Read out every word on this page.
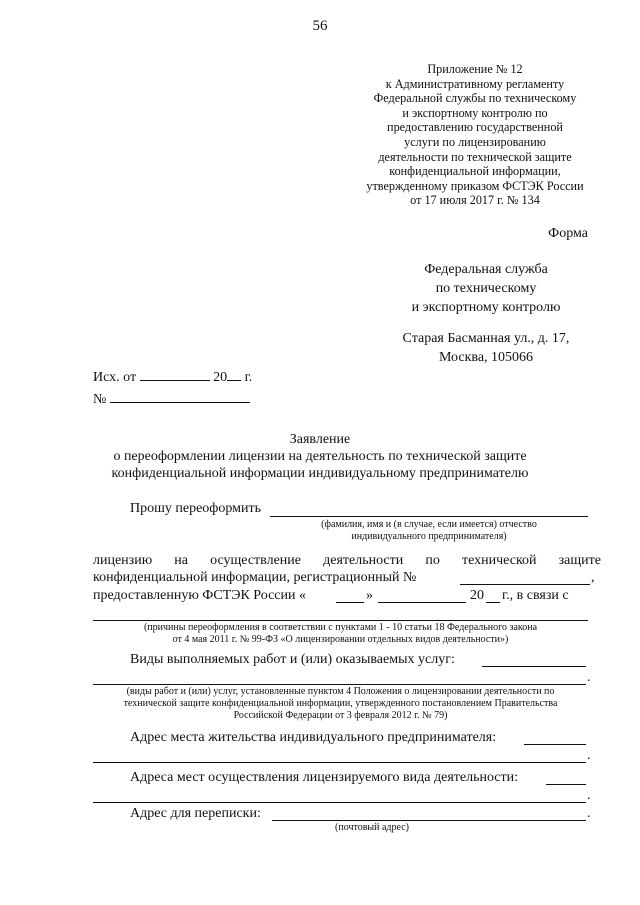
56
Приложение № 12
к Административному регламенту
Федеральной службы по техническому
и экспортному контролю по
предоставлению государственной
услуги по лицензированию
деятельности по технической защите
конфиденциальной информации,
утвержденному приказом ФСТЭК России
от 17 июля 2017 г. № 134
Форма
Федеральная служба
по техническому
и экспортному контролю
Старая Басманная ул., д. 17,
Москва, 105066
Исх. от	20 г.
№
Заявление
о переоформлении лицензии на деятельность по технической защите
конфиденциальной информации индивидуальному предпринимателю
Прошу переоформить
(фамилия, имя и (в случае, если имеется) отчество
индивидуального предпринимателя)
лицензию на осуществление деятельности по технической защите
конфиденциальной информации, регистрационный №	,
предоставленную ФСТЭК России «	»	20 г., в связи с
(причины переоформления в соответствии с пунктами 1 - 10 статьи 18 Федерального закона
от 4 мая 2011 г. № 99-ФЗ «О лицензировании отдельных видов деятельности»)
Виды выполняемых работ и (или) оказываемых услуг:
.
(виды работ и (или) услуг, установленные пунктом 4 Положения о лицензировании деятельности по
технической защите конфиденциальной информации, утвержденного постановлением Правительства
Российской Федерации от 3 февраля 2012 г. № 79)
Адрес места жительства индивидуального предпринимателя:
.
Адреса мест осуществления лицензируемого вида деятельности:
.
Адрес для переписки:	.
(почтовый адрес)
